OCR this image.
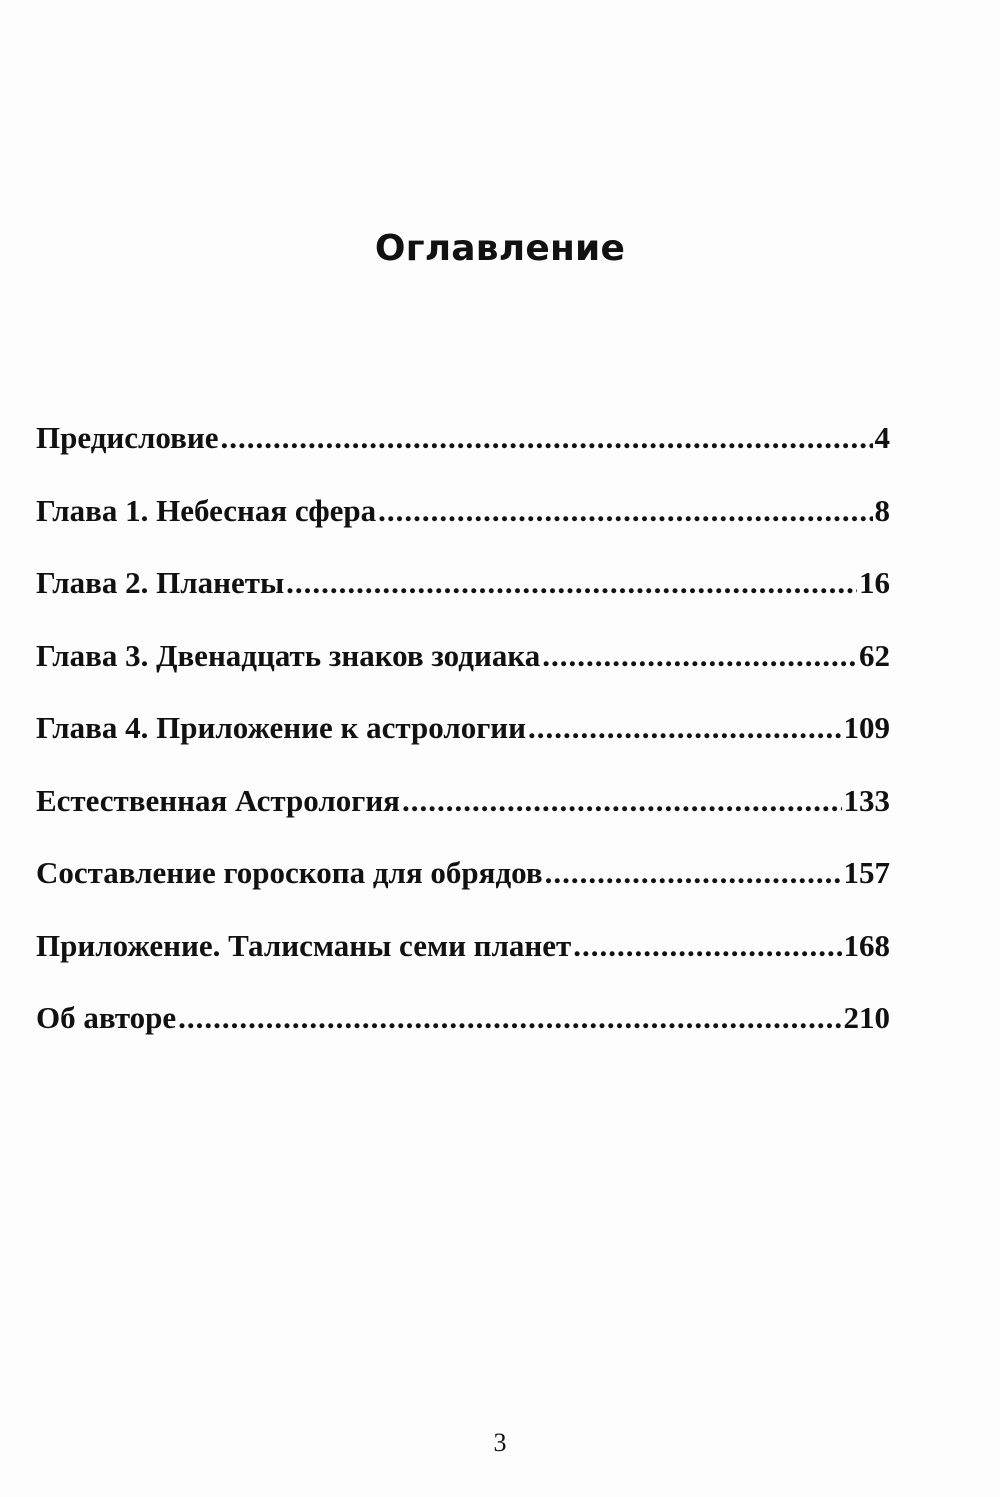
Оглавление
Предисловие .....	4
Глава 1. Небесная сфера .....	8
Глава 2. Планеты .....	16
Глава 3. Двенадцать знаков зодиака .....	62
Глава 4. Приложение к астрологии .....	109
Естественная Астрология .....	133
Составление гороскопа для обрядов .....	157
Приложение. Талисманы семи планет .....	168
Об авторе .....	210
3
